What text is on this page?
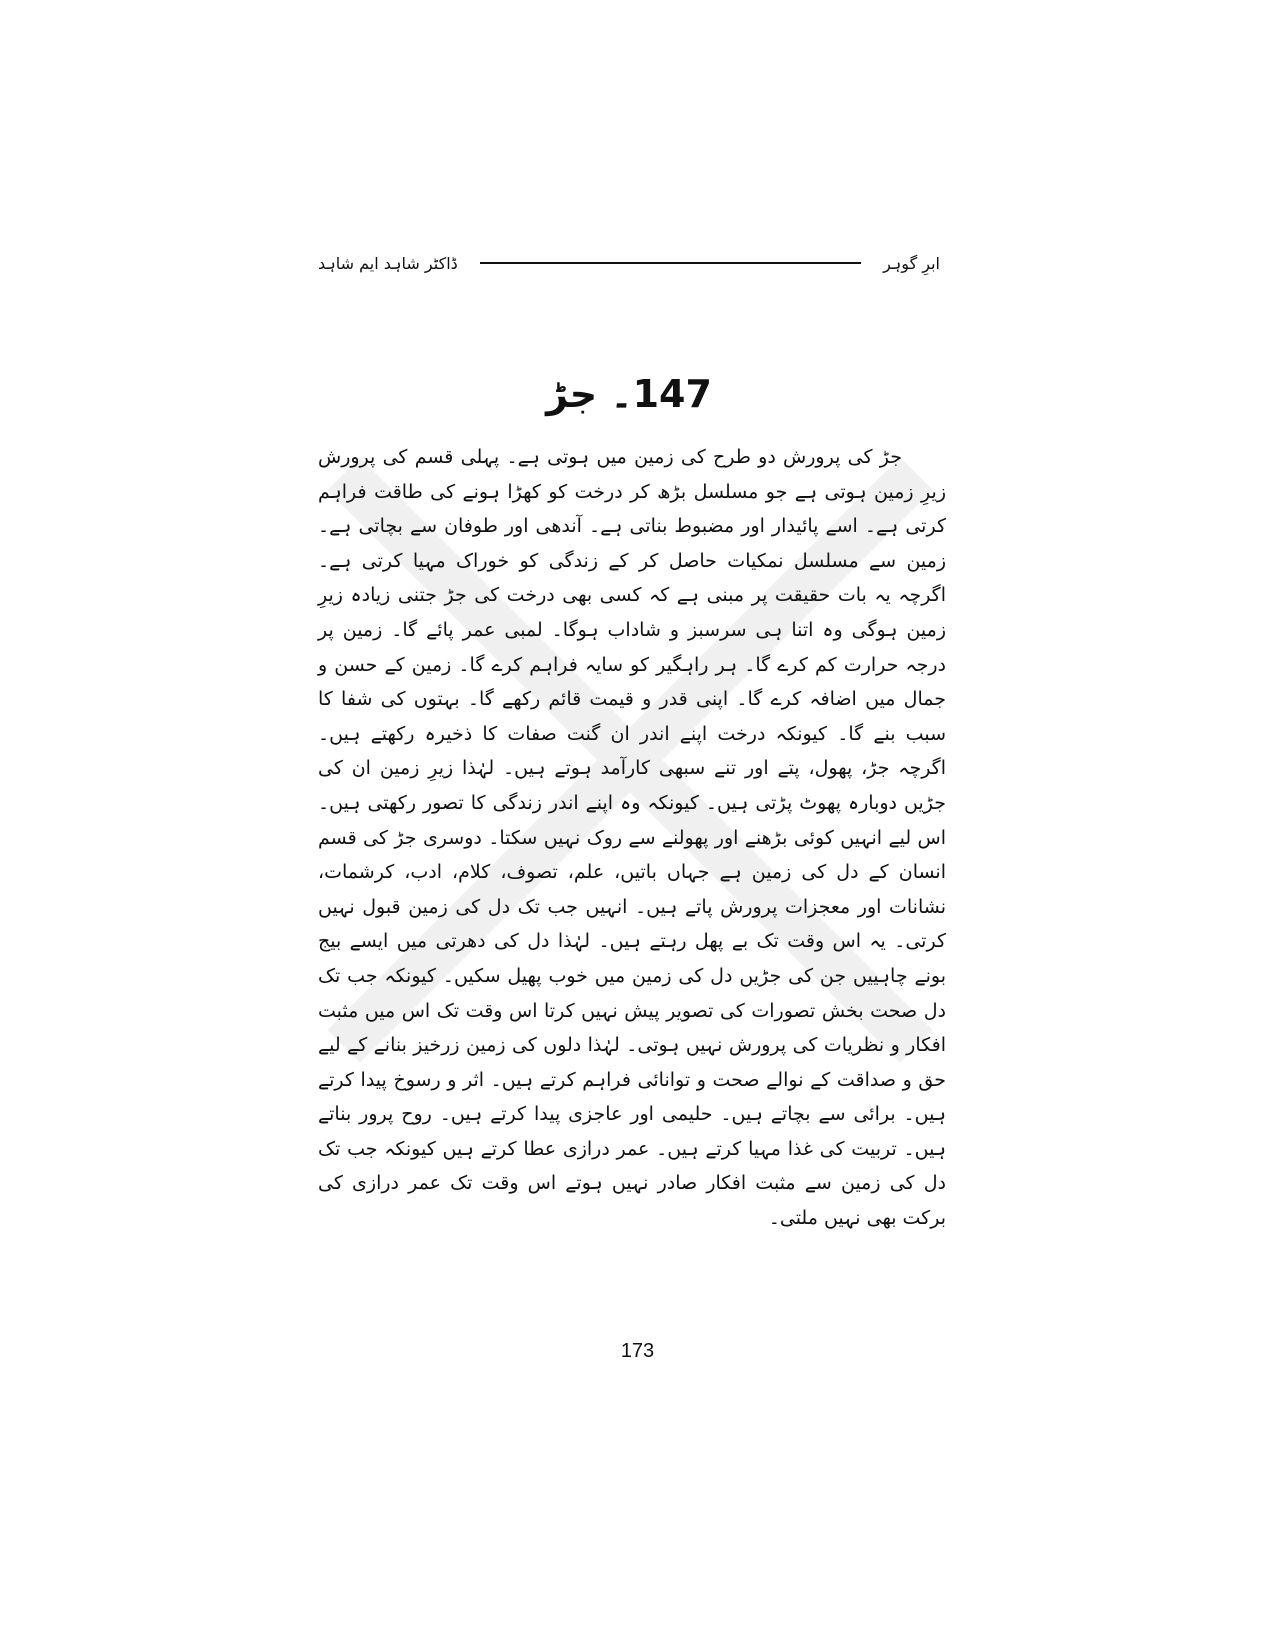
ابرِ گوہر
ڈاکٹر شاہد ایم شاہد
147۔ جڑ

جڑ کی پرورش دو طرح کی زمین میں ہوتی ہے۔ پہلی قسم کی پرورش زیرِ زمین ہوتی ہے جو مسلسل بڑھ کر درخت کو کھڑا ہونے کی طاقت فراہم کرتی ہے۔ اسے پائیدار اور مضبوط بناتی ہے۔ آندھی اور طوفان سے بچاتی ہے۔ زمین سے مسلسل نمکیات حاصل کر کے زندگی کو خوراک مہیا کرتی ہے۔ اگرچہ یہ بات حقیقت پر مبنی ہے کہ کسی بھی درخت کی جڑ جتنی زیادہ زیرِ زمین ہوگی وہ اتنا ہی سرسبز و شاداب ہوگا۔ لمبی عمر پائے گا۔ زمین پر درجہ حرارت کم کرے گا۔ ہر راہگیر کو سایہ فراہم کرے گا۔ زمین کے حسن و جمال میں اضافہ کرے گا۔ اپنی قدر و قیمت قائم رکھے گا۔ بہتوں کی شفا کا سبب بنے گا۔ کیونکہ درخت اپنے اندر ان گنت صفات کا ذخیرہ رکھتے ہیں۔ اگرچہ جڑ، پھول، پتے اور تنے سبھی کارآمد ہوتے ہیں۔ لہٰذا زیرِ زمین ان کی جڑیں دوبارہ پھوٹ پڑتی ہیں۔ کیونکہ وہ اپنے اندر زندگی کا تصور رکھتی ہیں۔ اس لیے انہیں کوئی بڑھنے اور پھولنے سے روک نہیں سکتا۔ دوسری جڑ کی قسم انسان کے دل کی زمین ہے جہاں باتیں، علم، تصوف، کلام، ادب، کرشمات، نشانات اور معجزات پرورش پاتے ہیں۔ انہیں جب تک دل کی زمین قبول نہیں کرتی۔ یہ اس وقت تک بے پھل رہتے ہیں۔ لہٰذا دل کی دھرتی میں ایسے بیج بونے چاہییں جن کی جڑیں دل کی زمین میں خوب پھیل سکیں۔ کیونکہ جب تک دل صحت بخش تصورات کی تصویر پیش نہیں کرتا اس وقت تک اس میں مثبت افکار و نظریات کی پرورش نہیں ہوتی۔ لہٰذا دلوں کی زمین زرخیز بنانے کے لیے حق و صداقت کے نوالے صحت و توانائی فراہم کرتے ہیں۔ اثر و رسوخ پیدا کرتے ہیں۔ برائی سے بچاتے ہیں۔ حلیمی اور عاجزی پیدا کرتے ہیں۔ روح پرور بناتے ہیں۔ تربیت کی غذا مہیا کرتے ہیں۔ عمر درازی عطا کرتے ہیں کیونکہ جب تک دل کی زمین سے مثبت افکار صادر نہیں ہوتے اس وقت تک عمر درازی کی برکت بھی نہیں ملتی۔

173
